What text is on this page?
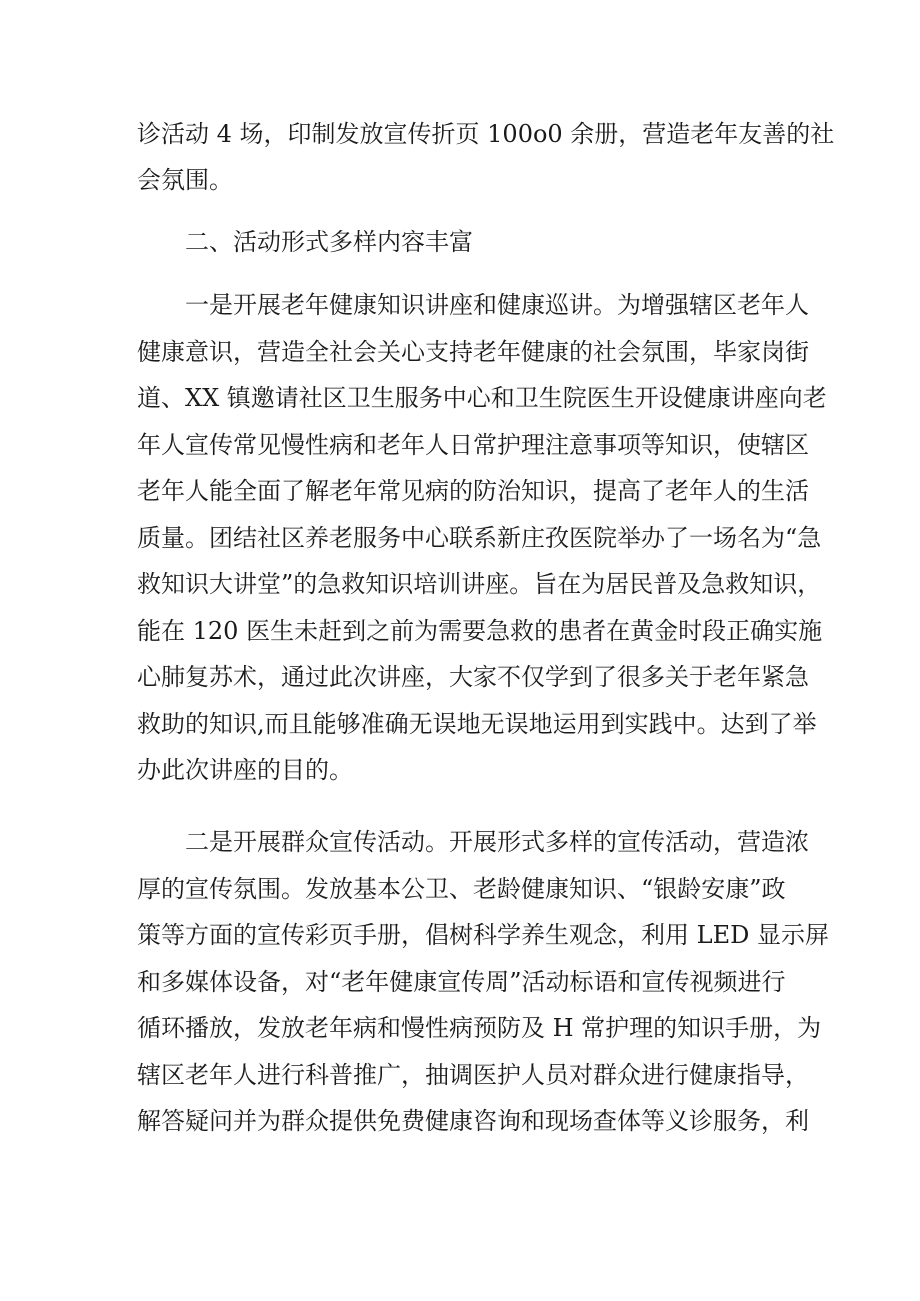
诊活动 4 场，印制发放宣传折页 100o0 余册，营造老年友善的社
会氛围。
二、活动形式多样内容丰富
一是开展老年健康知识讲座和健康巡讲。为增强辖区老年人
健康意识，营造全社会关心支持老年健康的社会氛围，毕家岗街
道、XX 镇邀请社区卫生服务中心和卫生院医生开设健康讲座向老
年人宣传常见慢性病和老年人日常护理注意事项等知识，使辖区
老年人能全面了解老年常见病的防治知识，提高了老年人的生活
质量。团结社区养老服务中心联系新庄孜医院举办了一场名为“急
救知识大讲堂”的急救知识培训讲座。旨在为居民普及急救知识，
能在 120 医生未赶到之前为需要急救的患者在黄金时段正确实施
心肺复苏术，通过此次讲座，大家不仅学到了很多关于老年紧急
救助的知识,而且能够准确无误地无误地运用到实践中。达到了举
办此次讲座的目的。
二是开展群众宣传活动。开展形式多样的宣传活动，营造浓
厚的宣传氛围。发放基本公卫、老龄健康知识、“银龄安康”政
策等方面的宣传彩页手册，倡树科学养生观念，利用 LED 显示屏
和多媒体设备，对“老年健康宣传周”活动标语和宣传视频进行
循环播放，发放老年病和慢性病预防及 H 常护理的知识手册，为
辖区老年人进行科普推广，抽调医护人员对群众进行健康指导，
解答疑问并为群众提供免费健康咨询和现场查体等义诊服务，利
